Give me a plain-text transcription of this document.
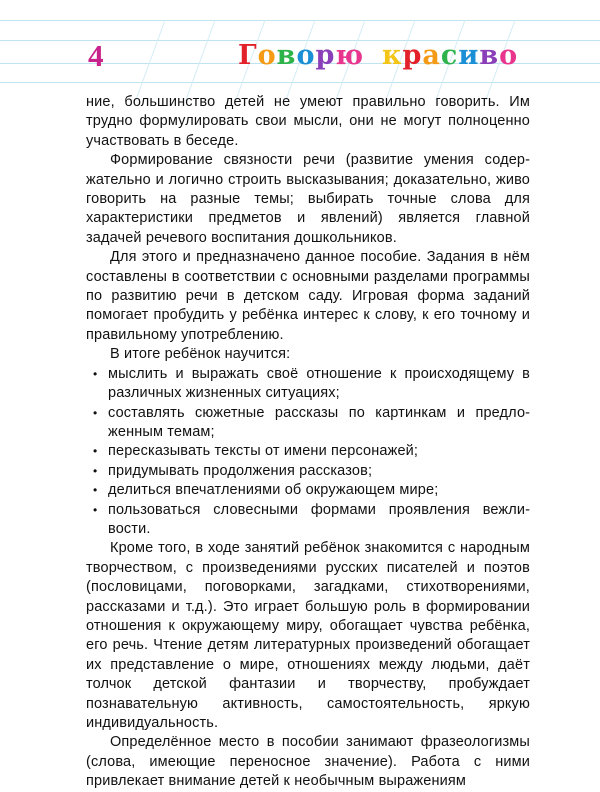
4	Говорю красиво

ние, большинство детей не умеют правильно говорить. Им трудно формулировать свои мысли, они не могут полноценно участвовать в беседе.

Формирование связности речи (развитие умения содержательно и логично строить высказывания; доказательно, живо говорить на разные темы; выбирать точные слова для характеристики предметов и явлений) является главной задачей речевого воспитания дошкольников.

Для этого и предназначено данное пособие. Задания в нём составлены в соответствии с основными разделами программы по развитию речи в детском саду. Игровая форма заданий помогает пробудить у ребёнка интерес к слову, к его точному и правильному употреблению.

В итоге ребёнок научится:

• мыслить и выражать своё отношение к происходящему в различных жизненных ситуациях;
• составлять сюжетные рассказы по картинкам и предложенным темам;
• пересказывать тексты от имени персонажей;
• придумывать продолжения рассказов;
• делиться впечатлениями об окружающем мире;
• пользоваться словесными формами проявления вежливости.

Кроме того, в ходе занятий ребёнок знакомится с народным творчеством, с произведениями русских писателей и поэтов (пословицами, поговорками, загадками, стихотворениями, рассказами и т.д.). Это играет большую роль в формировании отношения к окружающему миру, обогащает чувства ребёнка, его речь. Чтение детям литературных произведений обогащает их представление о мире, отношениях между людьми, даёт толчок детской фантазии и творчеству, пробуждает познавательную активность, самостоятельность, яркую индивидуальность.

Определённое место в пособии занимают фразеологизмы (слова, имеющие переносное значение). Работа с ними привлекает внимание детей к необычным выражениям
